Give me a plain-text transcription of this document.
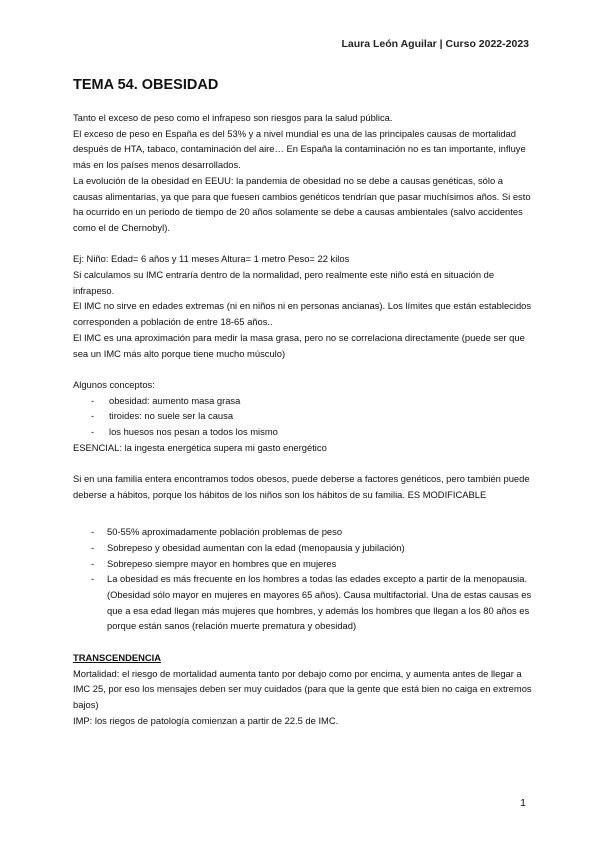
Laura León Aguilar | Curso 2022-2023
TEMA 54. OBESIDAD

Tanto el exceso de peso como el infrapeso son riesgos para la salud pública.

El exceso de peso en España es del 53% y a nivel mundial es una de las principales causas de mortalidad después de HTA, tabaco, contaminación del aire… En España la contaminación no es tan importante, influye más en los países menos desarrollados.

La evolución de la obesidad en EEUU: la pandemia de obesidad no se debe a causas genéticas, sólo a causas alimentarias, ya que para que fuesen cambios genéticos tendrían que pasar muchísimos años. Si esto ha ocurrido en un periodo de tiempo de 20 años solamente se debe a causas ambientales (salvo accidentes como el de Chernobyl).

Ej: Niño: Edad= 6 años y 11 meses Altura= 1 metro Peso= 22 kilos

Si calculamos su IMC entraría dentro de la normalidad, pero realmente este niño está en situación de infrapeso.

El IMC no sirve en edades extremas (ni en niños ni en personas ancianas). Los límites que están establecidos corresponden a población de entre 18-65 años..

El IMC es una aproximación para medir la masa grasa, pero no se correlaciona directamente (puede ser que sea un IMC más alto porque tiene mucho músculo)

Algunos conceptos:

- obesidad: aumento masa grasa
- tiroides: no suele ser la causa
- los huesos nos pesan a todos los mismo

ESENCIAL: la ingesta energética supera mi gasto energético

Si en una familia entera encontramos todos obesos, puede deberse a factores genéticos, pero también puede deberse a hábitos, porque los hábitos de los niños son los hábitos de su familia. ES MODIFICABLE

- 50-55% aproximadamente población problemas de peso
- Sobrepeso y obesidad aumentan con la edad (menopausia y jubilación)
- Sobrepeso siempre mayor en hombres que en mujeres
- La obesidad es más frecuente en los hombres a todas las edades excepto a partir de la menopausia. (Obesidad sólo mayor en mujeres en mayores 65 años). Causa multifactorial. Una de estas causas es que a esa edad llegan más mujeres que hombres, y además los hombres que llegan a los 80 años es porque están sanos (relación muerte prematura y obesidad)

TRANSCENDENCIA

Mortalidad: el riesgo de mortalidad aumenta tanto por debajo como por encima, y aumenta antes de llegar a IMC 25, por eso los mensajes deben ser muy cuidados (para que la gente que está bien no caiga en extremos bajos)

IMP: los riegos de patología comienzan a partir de 22.5 de IMC.

1
